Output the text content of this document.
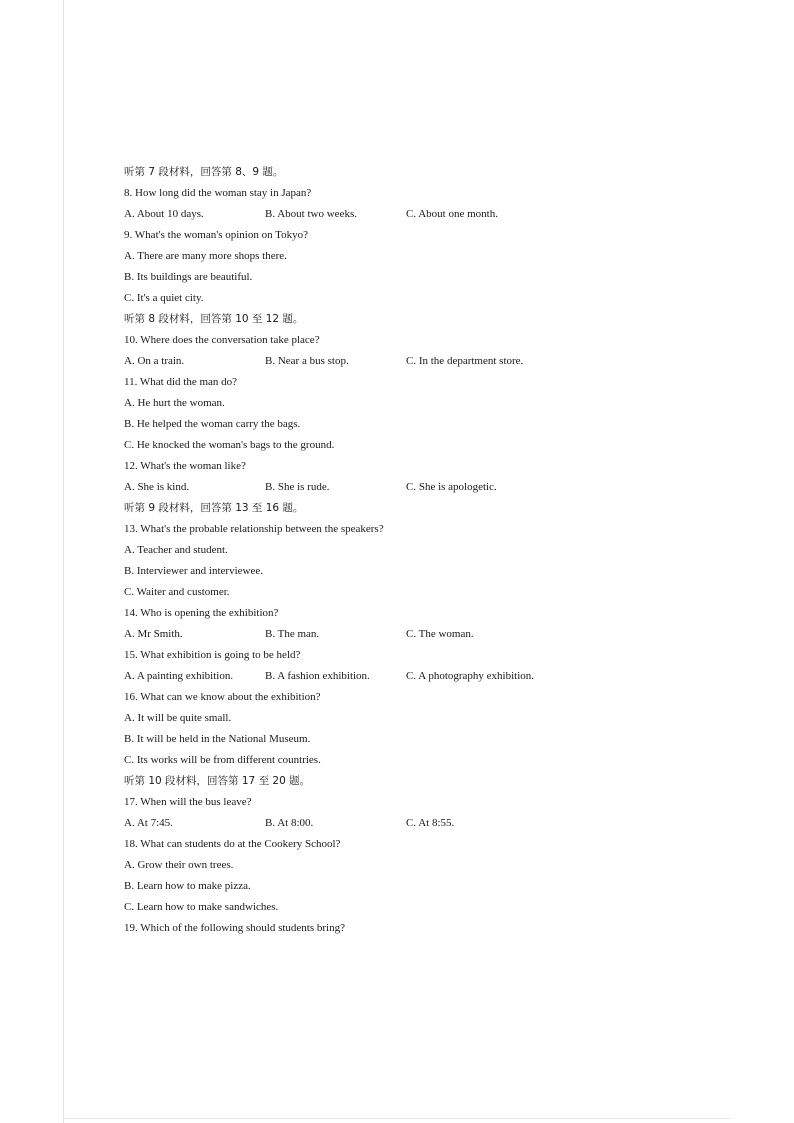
听第 7 段材料，回答第 8、9 题。
8. How long did the woman stay in Japan?
A. About 10 days.	B. About two weeks.	C. About one month.
9. What's the woman's opinion on Tokyo?
A. There are many more shops there.
B. Its buildings are beautiful.
C. It's a quiet city.
听第 8 段材料，回答第 10 至 12 题。
10. Where does the conversation take place?
A. On a train.	B. Near a bus stop.	C. In the department store.
11. What did the man do?
A. He hurt the woman.
B. He helped the woman carry the bags.
C. He knocked the woman's bags to the ground.
12. What's the woman like?
A. She is kind.	B. She is rude.	C. She is apologetic.
听第 9 段材料，回答第 13 至 16 题。
13. What's the probable relationship between the speakers?
A. Teacher and student.
B. Interviewer and interviewee.
C. Waiter and customer.
14. Who is opening the exhibition?
A. Mr Smith.	B. The man.	C. The woman.
15. What exhibition is going to be held?
A. A painting exhibition.	B. A fashion exhibition.	C. A photography exhibition.
16. What can we know about the exhibition?
A. It will be quite small.
B. It will be held in the National Museum.
C. Its works will be from different countries.
听第 10 段材料，回答第 17 至 20 题。
17. When will the bus leave?
A. At 7:45.	B. At 8:00.	C. At 8:55.
18. What can students do at the Cookery School?
A. Grow their own trees.
B. Learn how to make pizza.
C. Learn how to make sandwiches.
19. Which of the following should students bring?
